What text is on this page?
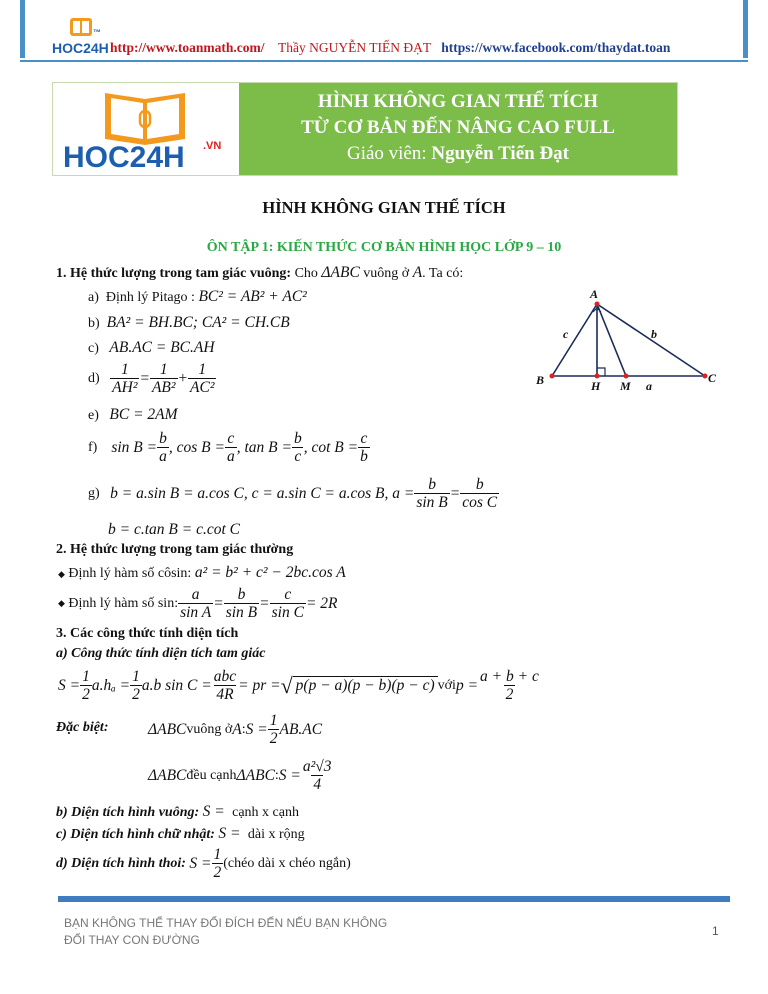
HOC24H
™
http://www.toanmath.com/ Thầy NGUYỄN TIẾN ĐẠT https://www.facebook.com/thaydat.toan
HOC24H .VN
HÌNH KHÔNG GIAN THỂ TÍCH
TỪ CƠ BẢN ĐẾN NÂNG CAO FULL
Giáo viên: Nguyễn Tiến Đạt
HÌNH KHÔNG GIAN THỂ TÍCH
ÔN TẬP 1: KIẾN THỨC CƠ BẢN HÌNH HỌC LỚP 9 – 10
1. Hệ thức lượng trong tam giác vuông: Cho ΔABC vuông ở A. Ta có:
a) Định lý Pitago : BC² = AB² + AC²
b) BA² = BH.BC; CA² = CH.CB
c) AB.AC = BC.AH
d)
$\frac{1}{\text{AH²}} = \frac{1}{\text{AB²}} + \frac{1}{\text{AC²}}$
e) BC = 2AM
f)
$\sin B = \frac{b}{a}$ , $\cos B = \frac{c}{a}$ , $\tan B = \frac{b}{c}$ , $\cot B = \frac{c}{b}$
g)
b = a.sin B = a.cos C, c = a.sin C = a.cos B, $a = \frac{b}{\text{sin B}} = \frac{b}{\text{cos C}}$
b = c.tan B = c.cot C
A
B	C
H M a
b
c
2. Hệ thức lượng trong tam giác thường
◆ Định lý hàm số côsin: a² = b² + c² − 2bc.cos A
◆
Định lý hàm số sin: $\frac{a}{\text{sin A}} = \frac{b}{\text{sin B}} = \frac{c}{\text{sin C}} = 2R$
3. Các công thức tính diện tích
a) Công thức tính diện tích tam giác
$S = \frac{1}{2} a.h_a = \frac{1}{2} a.b$ $\sin C = \frac{\text{abc}}{4R}$ = pr = √ p(p − a)(p − b)(p − c) với $p = \frac{a + b + c}{2}$
Đặc biệt:	ΔABC vuông ở A : $S = \frac{1}{2} AB.AC$
ΔABC đều cạnh ΔABC : $S = \frac{\text{a²√3}}{4}$
b) Diện tích hình vuông: S =  cạnh x cạnh
c) Diện tích hình chữ nhật: S =  dài x rộng
d) Diện tích hình thoi:
$S = \frac{1}{2}$ (chéo dài x chéo ngắn)
BẠN KHÔNG THỂ THAY ĐỔI ĐÍCH ĐẾN NẾU BẠN KHÔNG
ĐỔI THAY CON ĐƯỜNG
1
